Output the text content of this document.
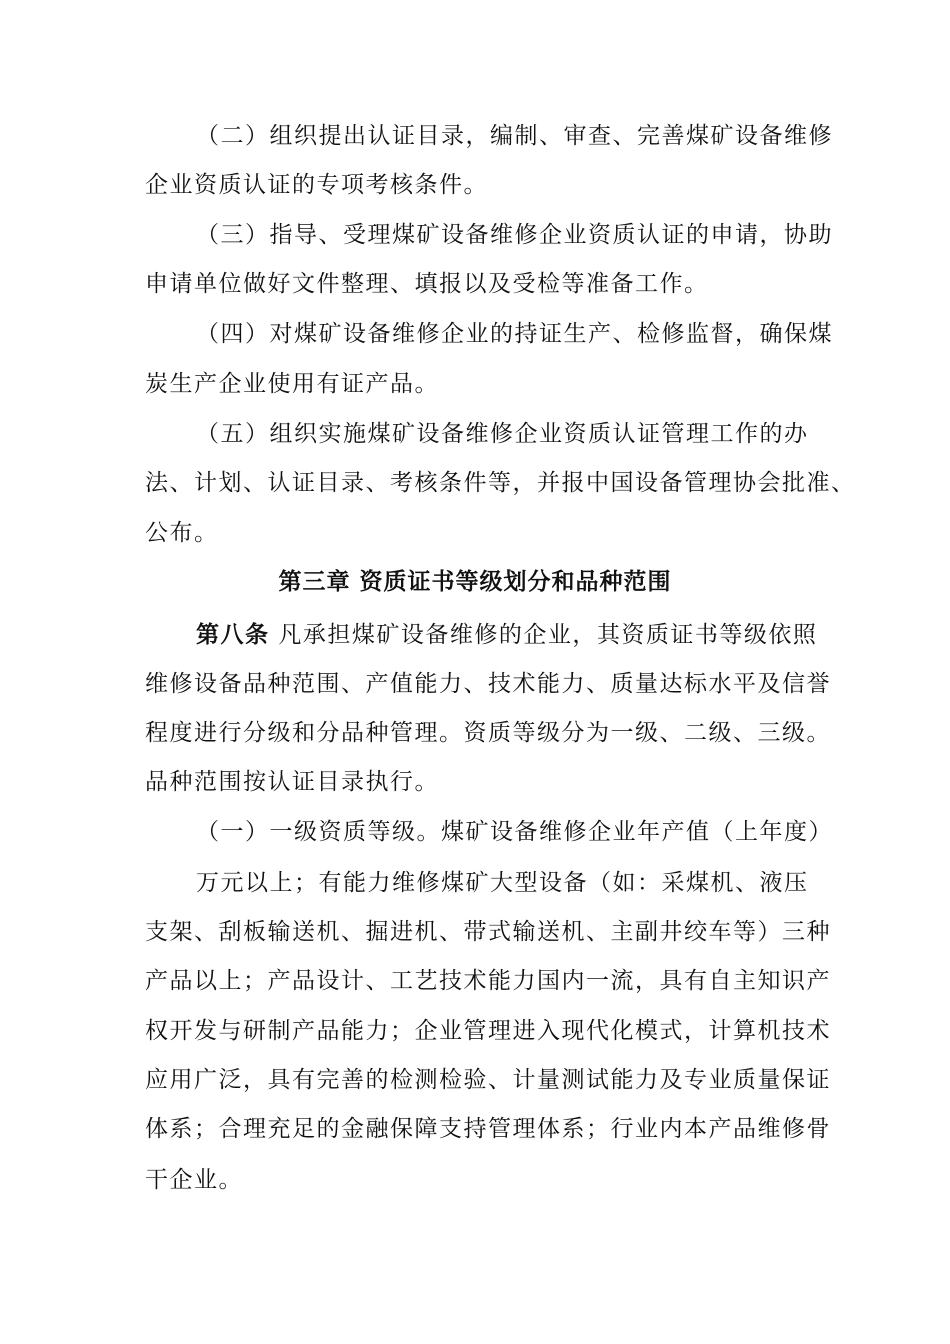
（二）组织提出认证目录，编制、审查、完善煤矿设备维修
企业资质认证的专项考核条件。
（三）指导、受理煤矿设备维修企业资质认证的申请，协助
申请单位做好文件整理、填报以及受检等准备工作。
（四）对煤矿设备维修企业的持证生产、检修监督，确保煤
炭生产企业使用有证产品。
（五）组织实施煤矿设备维修企业资质认证管理工作的办
法、计划、认证目录、考核条件等，并报中国设备管理协会批准、
公布。
第三章 资质证书等级划分和品种范围
第八条 凡承担煤矿设备维修的企业，其资质证书等级依照
维修设备品种范围、产值能力、技术能力、质量达标水平及信誉
程度进行分级和分品种管理。资质等级分为一级、二级、三级。
品种范围按认证目录执行。
（一）一级资质等级。煤矿设备维修企业年产值（上年度）
万元以上；有能力维修煤矿大型设备（如：采煤机、液压
支架、刮板输送机、掘进机、带式输送机、主副井绞车等）三种
产品以上；产品设计、工艺技术能力国内一流，具有自主知识产
权开发与研制产品能力；企业管理进入现代化模式，计算机技术
应用广泛，具有完善的检测检验、计量测试能力及专业质量保证
体系；合理充足的金融保障支持管理体系；行业内本产品维修骨
干企业。
